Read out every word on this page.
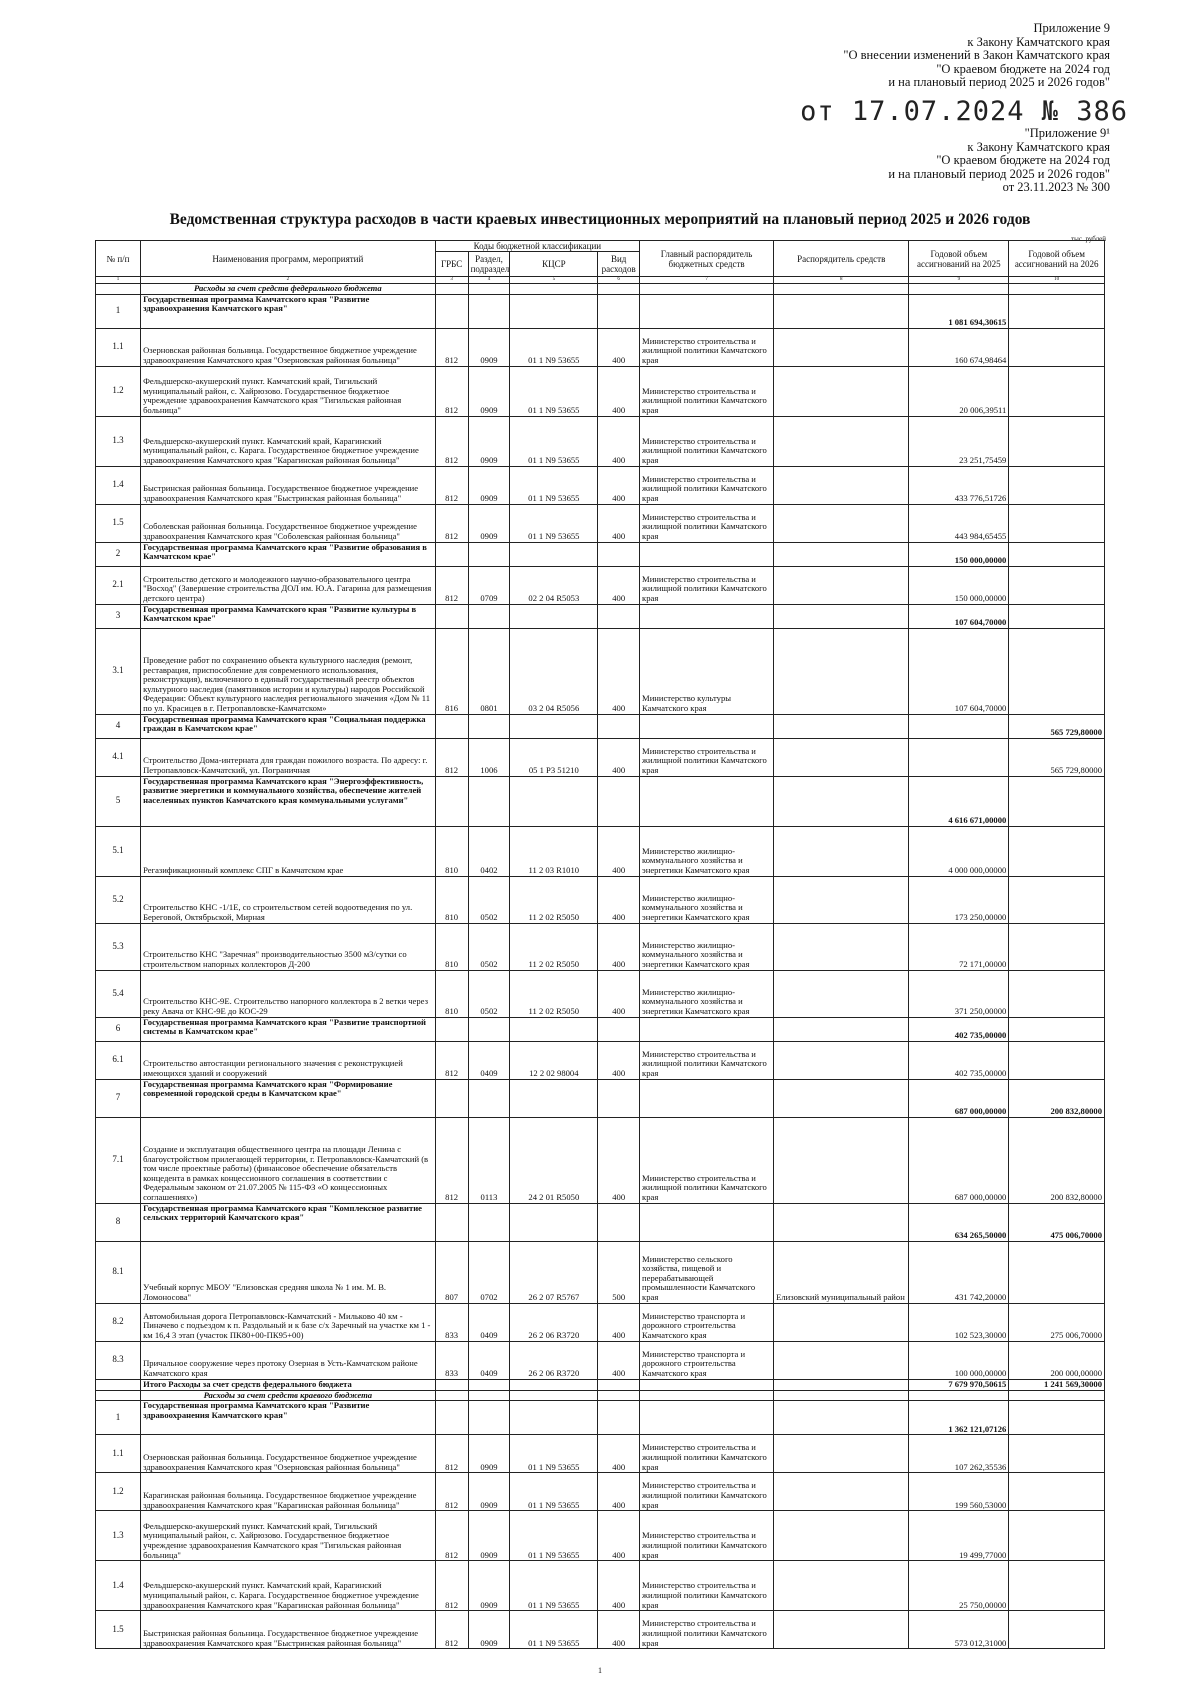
Приложение 9
к Закону Камчатского края
"О внесении изменений в Закон Камчатского края
"О краевом бюджете на 2024 год
и на плановый период 2025 и 2026 годов"
от 17.07.2024 № 386
"Приложение 9¹
к Закону Камчатского края
"О краевом бюджете на 2024 год
и на плановый период 2025 и 2026 годов"
от 23.11.2023 № 300
Ведомственная структура расходов в части краевых инвестиционных мероприятий на плановый период 2025 и 2026 годов
тыс. рублей
№ п/п	Наименования программ, мероприятий	Коды бюджетной классификации				Главный распорядитель бюджетных средств	Распорядитель средств	Годовой объем ассигнований на 2025	Годовой объем ассигнований на 2026
		ГРБС	Раздел, подраздел	КЦСР	Вид расходов				
1	2	3	4	5	6	7	8	9	10
	Расходы за счет средств федерального бюджета								
1	Государственная программа Камчатского края "Развитие здравоохранения Камчатского края"							1 081 694,30615	
1.1	Озерновская районная больница. Государственное бюджетное учреждение здравоохранения Камчатского края "Озерновская районная больница"	812	0909	01 1 N9 53655	400	Министерство строительства и жилищной политики Камчатского края		160 674,98464	
1.2	Фельдшерско-акушерский пункт. Камчатский край, Тигильский муниципальный район, с. Хайрюзово. Государственное бюджетное учреждение здравоохранения Камчатского края "Тигильская районная больница"	812	0909	01 1 N9 53655	400	Министерство строительства и жилищной политики Камчатского края		20 006,39511	
1.3	Фельдшерско-акушерский пункт. Камчатский край, Карагинский муниципальный район, с. Карага. Государственное бюджетное учреждение здравоохранения Камчатского края "Карагинская районная больница"	812	0909	01 1 N9 53655	400	Министерство строительства и жилищной политики Камчатского края		23 251,75459	
1.4	Быстринская районная больница. Государственное бюджетное учреждение здравоохранения Камчатского края "Быстринская районная больница"	812	0909	01 1 N9 53655	400	Министерство строительства и жилищной политики Камчатского края		433 776,51726	
1.5	Соболевская районная больница. Государственное бюджетное учреждение здравоохранения Камчатского края "Соболевская районная больница"	812	0909	01 1 N9 53655	400	Министерство строительства и жилищной политики Камчатского края		443 984,65455	
2	Государственная программа Камчатского края "Развитие образования в Камчатском крае"							150 000,00000	
2.1	Строительство детского и молодежного научно-образовательного центра "Восход" (Завершение строительства ДОЛ им. Ю.А. Гагарина для размещения детского центра)	812	0709	02 2 04 R5053	400	Министерство строительства и жилищной политики Камчатского края		150 000,00000	
3	Государственная программа Камчатского края "Развитие культуры в Камчатском крае"							107 604,70000	
3.1	Проведение работ по сохранению объекта культурного наследия (ремонт, реставрация, приспособление для современного использования, реконструкция), включенного в единый государственный реестр объектов культурного наследия (памятников истории и культуры) народов Российской Федерации: Объект культурного наследия регионального значения «Дом № 11 по ул. Красицев в г. Петропавловске-Камчатском»	816	0801	03 2 04 R5056	400	Министерство культуры Камчатского края		107 604,70000	
4	Государственная программа Камчатского края "Социальная поддержка граждан в Камчатском крае"								565 729,80000
4.1	Строительство Дома-интерната для граждан пожилого возраста. По адресу: г. Петропавловск-Камчатский, ул. Пограничная	812	1006	05 1 P3 51210	400	Министерство строительства и жилищной политики Камчатского края			565 729,80000
5	Государственная программа Камчатского края "Энергоэффективность, развитие энергетики и коммунального хозяйства, обеспечение жителей населенных пунктов Камчатского края коммунальными услугами"							4 616 671,00000	
5.1	Регазификационный комплекс СПГ в Камчатском крае	810	0402	11 2 03 R1010	400	Министерство жилищно-коммунального хозяйства и энергетики Камчатского края		4 000 000,00000	
5.2	Строительство КНС -1/1Е, со строительством сетей водоотведения по ул. Береговой, Октябрьской, Мирная	810	0502	11 2 02 R5050	400	Министерство жилищно-коммунального хозяйства и энергетики Камчатского края		173 250,00000	
5.3	Строительство КНС "Заречная" производительностью 3500 м3/сутки со строительством напорных коллекторов Д-200	810	0502	11 2 02 R5050	400	Министерство жилищно-коммунального хозяйства и энергетики Камчатского края		72 171,00000	
5.4	Строительство КНС-9Е. Строительство напорного коллектора в 2 ветки через реку Авача от КНС-9Е до КОС-29	810	0502	11 2 02 R5050	400	Министерство жилищно-коммунального хозяйства и энергетики Камчатского края		371 250,00000	
6	Государственная программа Камчатского края "Развитие транспортной системы в Камчатском крае"							402 735,00000	
6.1	Строительство автостанции регионального значения с реконструкцией имеющихся зданий и сооружений	812	0409	12 2 02 98004	400	Министерство строительства и жилищной политики Камчатского края		402 735,00000	
7	Государственная программа Камчатского края "Формирование современной городской среды в Камчатском крае"							687 000,00000	200 832,80000
7.1	Создание и эксплуатация общественного центра на площади Ленина с благоустройством прилегающей территории, г. Петропавловск-Камчатский (в том числе проектные работы) (финансовое обеспечение обязательств концедента в рамках концессионного соглашения в соответствии с Федеральным законом от 21.07.2005 № 115-ФЗ «О концессионных соглашениях»)	812	0113	24 2 01 R5050	400	Министерство строительства и жилищной политики Камчатского края		687 000,00000	200 832,80000
8	Государственная программа Камчатского края "Комплексное развитие сельских территорий Камчатского края"							634 265,50000	475 006,70000
8.1	Учебный корпус МБОУ "Елизовская средняя школа № 1 им. М. В. Ломоносова"	807	0702	26 2 07 R5767	500	Министерство сельского хозяйства, пищевой и перерабатывающей промышленности Камчатского края	Елизовский муниципальный район	431 742,20000	
8.2	Автомобильная дорога Петропавловск-Камчатский - Мильково 40 км - Пиначево с подъездом к п. Раздольный и к базе с/х Заречный на участке км 1 - км 16,4 3 этап (участок ПК80+00-ПК95+00)	833	0409	26 2 06 R3720	400	Министерство транспорта и дорожного строительства Камчатского края		102 523,30000	275 006,70000
8.3	Причальное сооружение через протоку Озерная в Усть-Камчатском районе Камчатского края	833	0409	26 2 06 R3720	400	Министерство транспорта и дорожного строительства Камчатского края		100 000,00000	200 000,00000
	Итого Расходы за счет средств федерального бюджета							7 679 970,50615	1 241 569,30000
	Расходы за счет средств краевого бюджета								
1	Государственная программа Камчатского края "Развитие здравоохранения Камчатского края"							1 362 121,07126	
1.1	Озерновская районная больница. Государственное бюджетное учреждение здравоохранения Камчатского края "Озерновская районная больница"	812	0909	01 1 N9 53655	400	Министерство строительства и жилищной политики Камчатского края		107 262,35536	
1.2	Карагинская районная больница. Государственное бюджетное учреждение здравоохранения Камчатского края "Карагинская районная больница"	812	0909	01 1 N9 53655	400	Министерство строительства и жилищной политики Камчатского края		199 560,53000	
1.3	Фельдшерско-акушерский пункт. Камчатский край, Тигильский муниципальный район, с. Хайрюзово. Государственное бюджетное учреждение здравоохранения Камчатского края "Тигильская районная больница"	812	0909	01 1 N9 53655	400	Министерство строительства и жилищной политики Камчатского края		19 499,77000	
1.4	Фельдшерско-акушерский пункт. Камчатский край, Карагинский муниципальный район, с. Карага. Государственное бюджетное учреждение здравоохранения Камчатского края "Карагинская районная больница"	812	0909	01 1 N9 53655	400	Министерство строительства и жилищной политики Камчатского края		25 750,00000	
1.5	Быстринская районная больница. Государственное бюджетное учреждение здравоохранения Камчатского края "Быстринская районная больница"	812	0909	01 1 N9 53655	400	Министерство строительства и жилищной политики Камчатского края		573 012,31000	
1
